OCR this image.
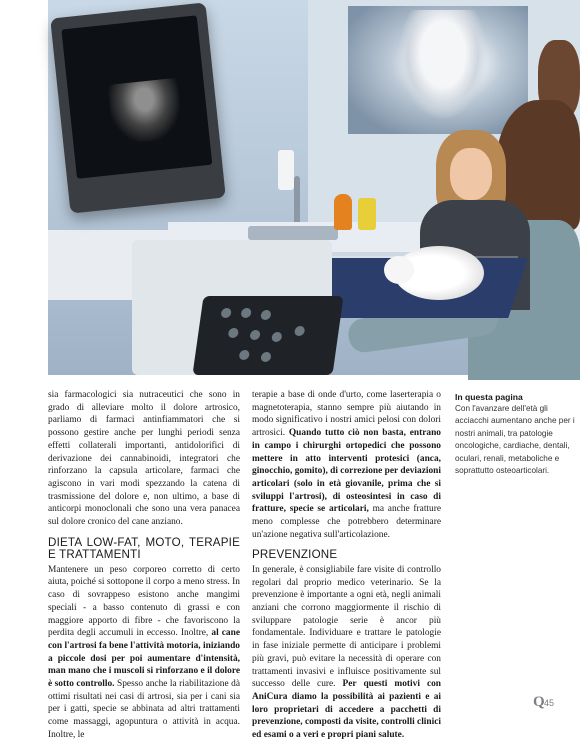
sia farmacologici sia nutraceutici che sono in grado di alleviare molto il dolore artrosico, parliamo di farmaci antinfiammatori che si possono gestire anche per lunghi periodi senza effetti collaterali importanti, antidolorifici di derivazione dei cannabinoidi, integratori che rinforzano la capsula articolare, farmaci che agiscono in vari modi spezzando la catena di trasmissione del dolore e, non ultimo, a base di anticorpi monoclonali che sono una vera panacea sul dolore cronico del cane anziano.

DIETA LOW-FAT, MOTO, TERAPIE E TRATTAMENTI

Mantenere un peso corporeo corretto di certo aiuta, poiché si sottopone il corpo a meno stress. In caso di sovrappeso esistono anche mangimi speciali - a basso contenuto di grassi e con maggiore apporto di fibre - che favoriscono la perdita degli accumuli in eccesso. Inoltre, al cane con l'artrosi fa bene l'attività motoria, iniziando a piccole dosi per poi aumentare d'intensità, man mano che i muscoli si rinforzano e il dolore è sotto controllo. Spesso anche la riabilitazione dà ottimi risultati nei casi di artrosi, sia per i cani sia per i gatti, specie se abbinata ad altri trattamenti come massaggi, agopuntura o attività in acqua. Inoltre, le

terapie a base di onde d'urto, come laserterapia o magnetoterapia, stanno sempre più aiutando in modo significativo i nostri amici pelosi con dolori artrosici. Quando tutto ciò non basta, entrano in campo i chirurghi ortopedici che possono mettere in atto interventi protesici (anca, ginocchio, gomito), di correzione per deviazioni articolari (solo in età giovanile, prima che si sviluppi l'artrosi), di osteosintesi in caso di fratture, specie se articolari, ma anche fratture meno complesse che potrebbero determinare un'azione negativa sull'articolazione.

PREVENZIONE

In generale, è consigliabile fare visite di controllo regolari dal proprio medico veterinario. Se la prevenzione è importante a ogni età, negli animali anziani che corrono maggiormente il rischio di sviluppare patologie serie è ancor più fondamentale. Individuare e trattare le patologie in fase iniziale permette di anticipare i problemi più gravi, può evitare la necessità di operare con trattamenti invasivi e influisce positivamente sul successo delle cure. Per questi motivi con AniCura diamo la possibilità ai pazienti e ai loro proprietari di accedere a pacchetti di prevenzione, composti da visite, controlli clinici ed esami o a veri e propri piani salute.

In questa pagina
Con l'avanzare dell'età gli acciacchi aumentano anche per i nostri animali, tra patologie oncologiche, cardiache, dentali, oculari, renali, metaboliche e soprattutto osteoarticolari.
Q 45
